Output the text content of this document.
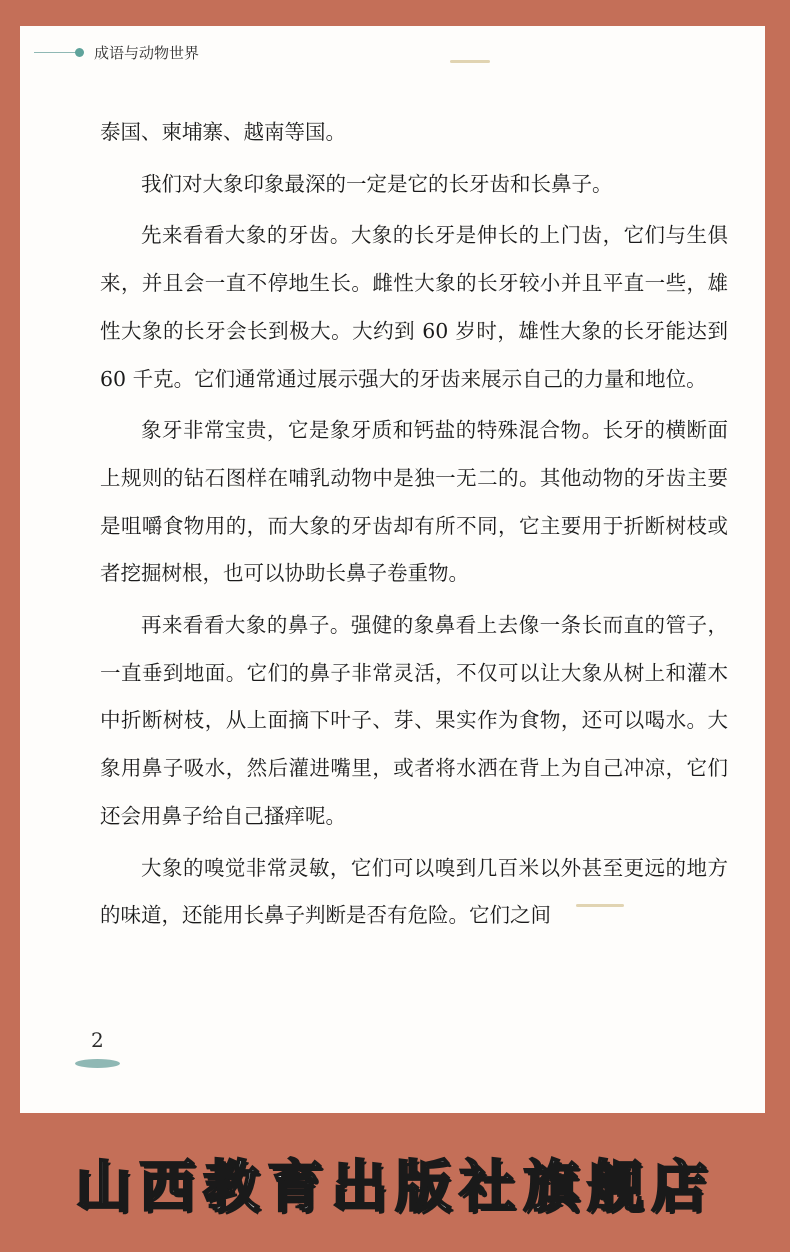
成语与动物世界

泰国、柬埔寨、越南等国。

我们对大象印象最深的一定是它的长牙齿和长鼻子。

先来看看大象的牙齿。大象的长牙是伸长的上门齿，它们与生俱来，并且会一直不停地生长。雌性大象的长牙较小并且平直一些，雄性大象的长牙会长到极大。大约到 60 岁时，雄性大象的长牙能达到 60 千克。它们通常通过展示强大的牙齿来展示自己的力量和地位。

象牙非常宝贵，它是象牙质和钙盐的特殊混合物。长牙的横断面上规则的钻石图样在哺乳动物中是独一无二的。其他动物的牙齿主要是咀嚼食物用的，而大象的牙齿却有所不同，它主要用于折断树枝或者挖掘树根，也可以协助长鼻子卷重物。

再来看看大象的鼻子。强健的象鼻看上去像一条长而直的管子，一直垂到地面。它们的鼻子非常灵活，不仅可以让大象从树上和灌木中折断树枝，从上面摘下叶子、芽、果实作为食物，还可以喝水。大象用鼻子吸水，然后灌进嘴里，或者将水洒在背上为自己冲凉，它们还会用鼻子给自己搔痒呢。

大象的嗅觉非常灵敏，它们可以嗅到几百米以外甚至更远的地方的味道，还能用长鼻子判断是否有危险。它们之间

2
山西教育出版社旗舰店
